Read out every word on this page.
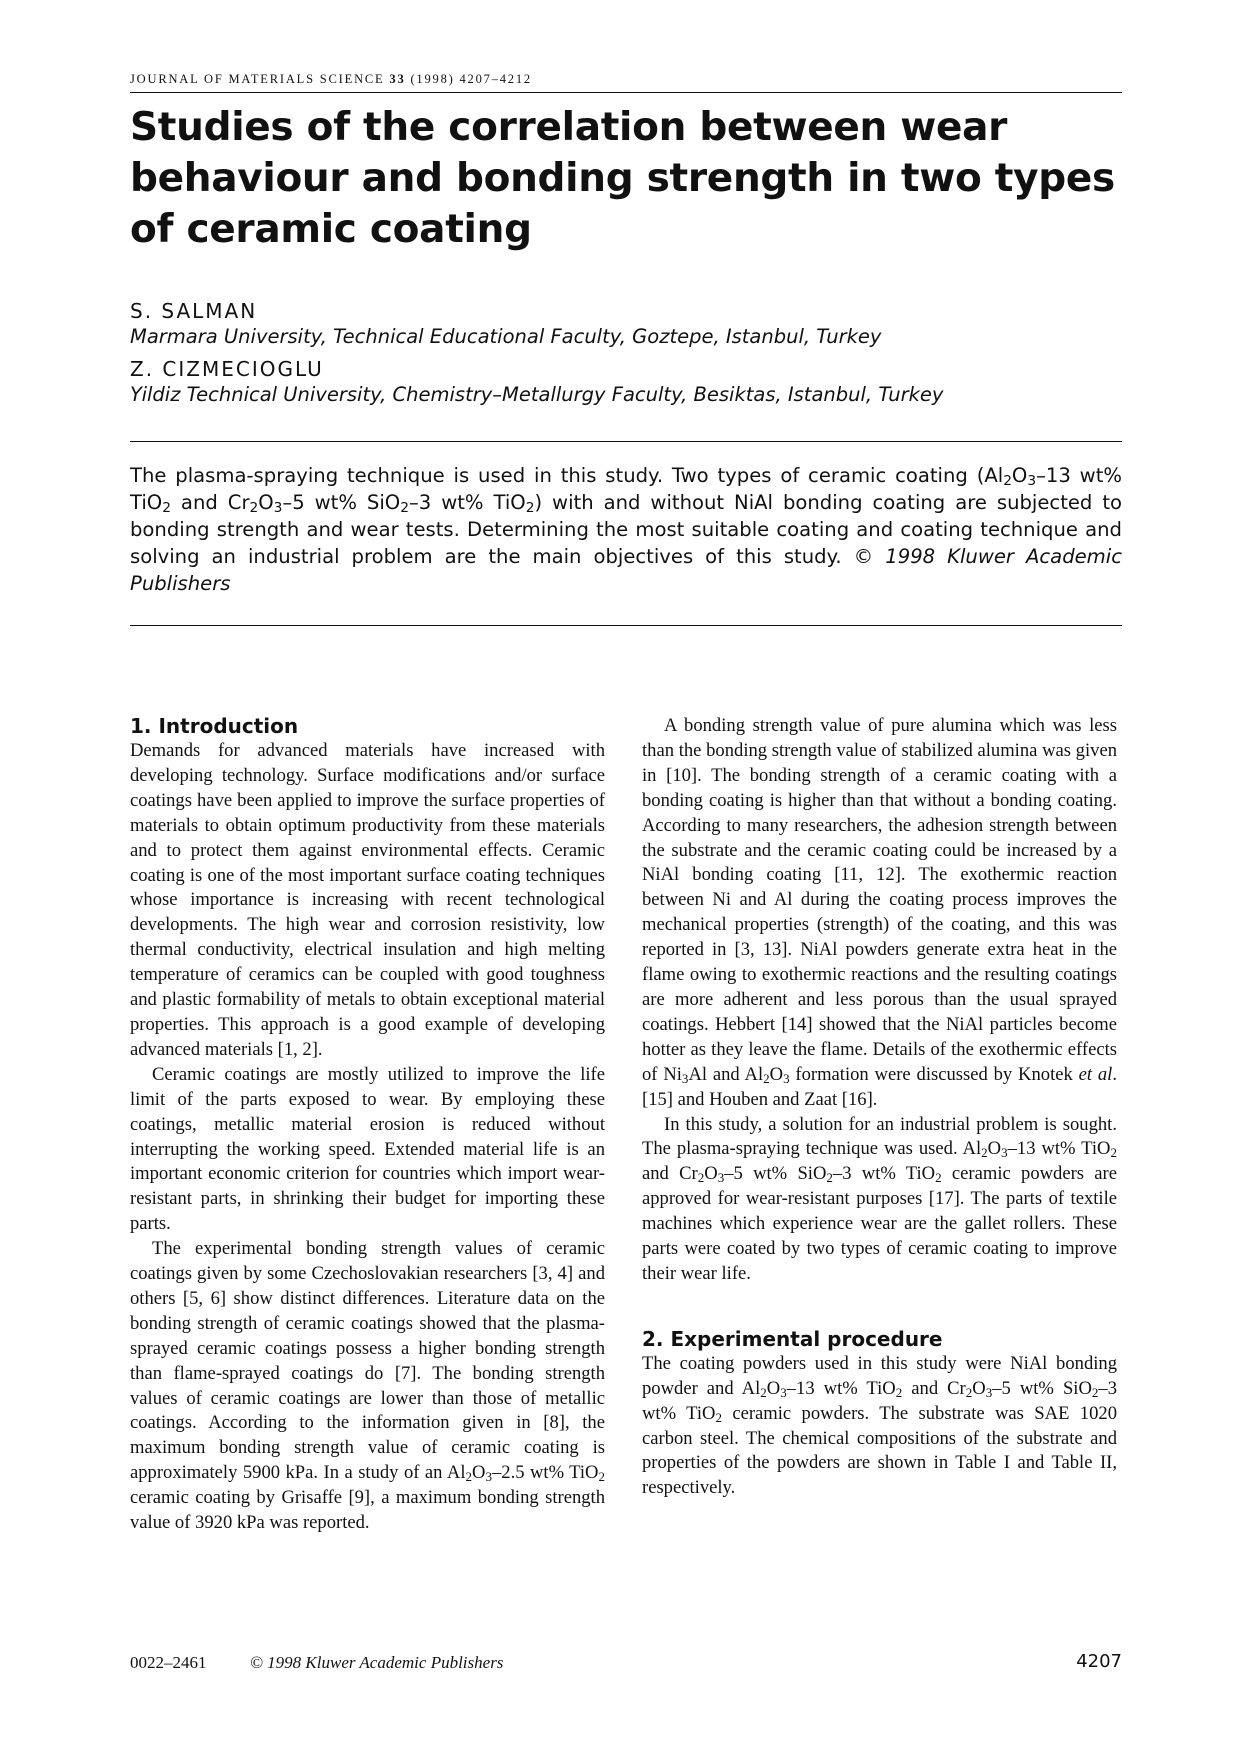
JOURNAL OF MATERIALS SCIENCE 33 (1998) 4207–4212
Studies of the correlation between wear behaviour and bonding strength in two types of ceramic coating
S. SALMAN
Marmara University, Technical Educational Faculty, Goztepe, Istanbul, Turkey
Z. CIZMECIOGLU
Yildiz Technical University, Chemistry–Metallurgy Faculty, Besiktas, Istanbul, Turkey

The plasma-spraying technique is used in this study. Two types of ceramic coating ($Al_2O_3-13$ wt% TiO$_2$ and $Cr_2O_3-5$ wt% SiO$_2$–3 wt% TiO$_2$) with and without NiAl bonding coating are subjected to bonding strength and wear tests. Determining the most suitable coating and coating technique and solving an industrial problem are the main objectives of this study. © 1998 Kluwer Academic Publishers

1. Introduction

Demands for advanced materials have increased with developing technology. Surface modifications and/or surface coatings have been applied to improve the surface properties of materials to obtain optimum productivity from these materials and to protect them against environmental effects. Ceramic coating is one of the most important surface coating techniques whose importance is increasing with recent technological developments. The high wear and corrosion resistivity, low thermal conductivity, electrical insulation and high melting temperature of ceramics can be coupled with good toughness and plastic formability of metals to obtain exceptional material properties. This approach is a good example of developing advanced materials [1, 2].

Ceramic coatings are mostly utilized to improve the life limit of the parts exposed to wear. By employing these coatings, metallic material erosion is reduced without interrupting the working speed. Extended material life is an important economic criterion for countries which import wear-resistant parts, in shrinking their budget for importing these parts.

The experimental bonding strength values of ceramic coatings given by some Czechoslovakian researchers [3, 4] and others [5, 6] show distinct differences. Literature data on the bonding strength of ceramic coatings showed that the plasma-sprayed ceramic coatings possess a higher bonding strength than flame-sprayed coatings do [7]. The bonding strength values of ceramic coatings are lower than those of metallic coatings. According to the information given in [8], the maximum bonding strength value of ceramic coating is approximately 5900 kPa. In a study of an $Al_2O_3-2.5$ wt% TiO$_2$ ceramic coating by Grisaffe [9], a maximum bonding strength value of 3920 kPa was reported.

A bonding strength value of pure alumina which was less than the bonding strength value of stabilized alumina was given in [10]. The bonding strength of a ceramic coating with a bonding coating is higher than that without a bonding coating. According to many researchers, the adhesion strength between the substrate and the ceramic coating could be increased by a NiAl bonding coating [11, 12]. The exothermic reaction between Ni and Al during the coating process improves the mechanical properties (strength) of the coating, and this was reported in [3, 13]. NiAl powders generate extra heat in the flame owing to exothermic reactions and the resulting coatings are more adherent and less porous than the usual sprayed coatings. Hebbert [14] showed that the NiAl particles become hotter as they leave the flame. Details of the exothermic effects of $Ni_3Al$ and $Al_2O_3$ formation were discussed by Knotek et al. [15] and Houben and Zaat [16].

In this study, a solution for an industrial problem is sought. The plasma-spraying technique was used. $Al_2O_3-13$ wt% TiO$_2$ and $Cr_2O_3-5$ wt% SiO$_2$–3 wt% TiO$_2$ ceramic powders are approved for wear-resistant purposes [17]. The parts of textile machines which experience wear are the gallet rollers. These parts were coated by two types of ceramic coating to improve their wear life.

2. Experimental procedure

The coating powders used in this study were NiAl bonding powder and $Al_2O_3-13$ wt% TiO$_2$ and $Cr_2O_3-5$ wt% SiO$_2$–3 wt% TiO$_2$ ceramic powders. The substrate was SAE 1020 carbon steel. The chemical compositions of the substrate and properties of the powders are shown in Table I and Table II, respectively.

0022–2461	© 1998 Kluwer Academic Publishers	4207
